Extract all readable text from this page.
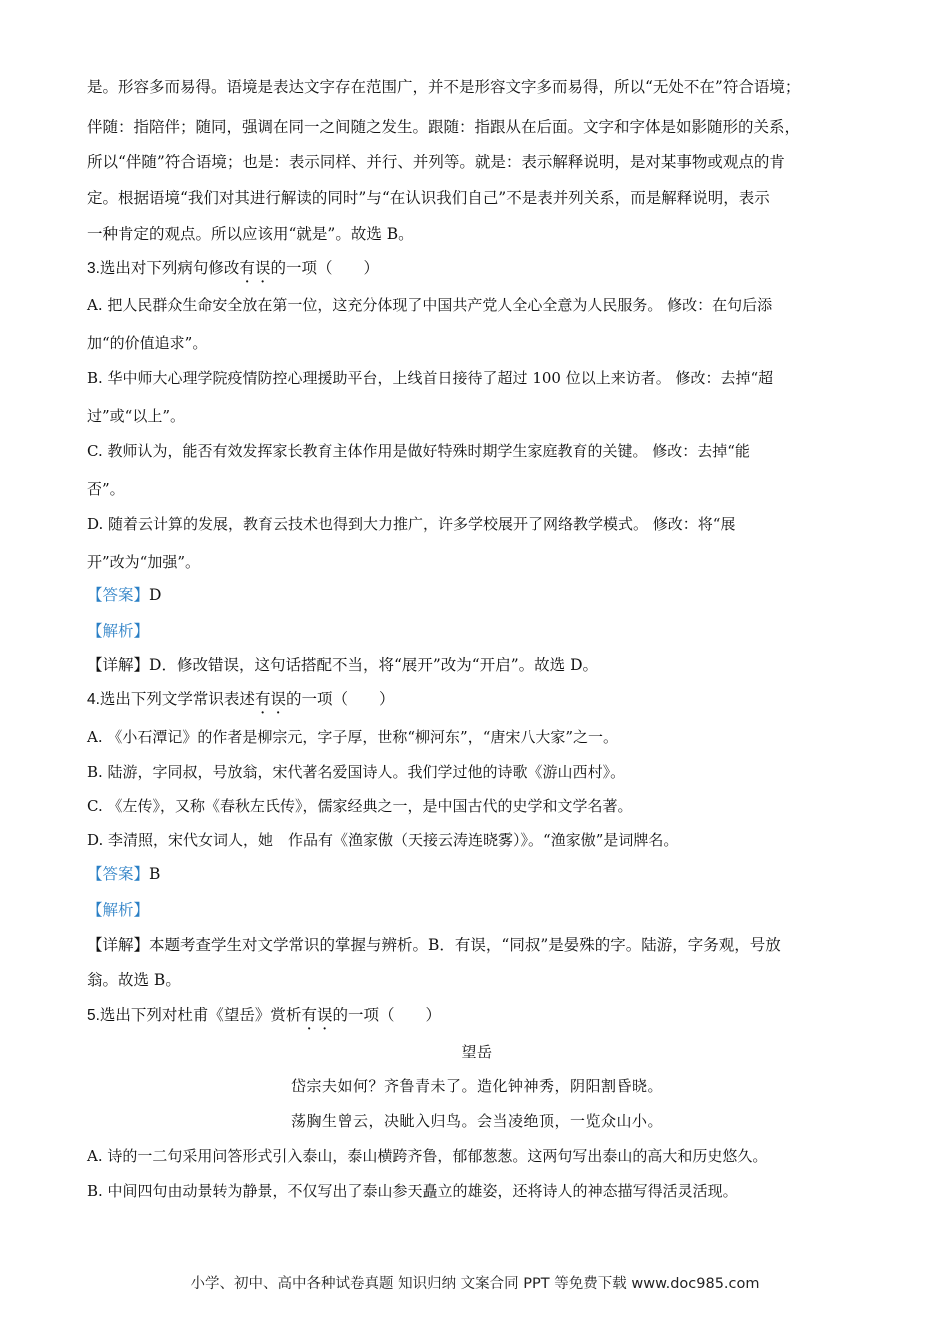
是。形容多而易得。语境是表达文字存在范围广，并不是形容文字多而易得，所以“无处不在”符合语境；
伴随：指陪伴；随同，强调在同一之间随之发生。跟随：指跟从在后面。文字和字体是如影随形的关系，
所以“伴随”符合语境；也是：表示同样、并行、并列等。就是：表示解释说明，是对某事物或观点的肯
定。根据语境“我们对其进行解读的同时”与“在认识我们自己”不是表并列关系，而是解释说明，表示
一种肯定的观点。所以应该用“就是”。故选 B。
3.选出对下列病句修改有误的一项（　　）
A. 把人民群众生命安全放在第一位，这充分体现了中国共产党人全心全意为人民服务。 修改：在句后添
加“的价值追求”。
B. 华中师大心理学院疫情防控心理援助平台，上线首日接待了超过 100 位以上来访者。 修改：去掉“超
过”或“以上”。
C. 教师认为，能否有效发挥家长教育主体作用是做好特殊时期学生家庭教育的关键。 修改：去掉“能
否”。
D. 随着云计算的发展，教育云技术也得到大力推广，许多学校展开了网络教学模式。 修改：将“展
开”改为“加强”。
【答案】D
【解析】
【详解】D．修改错误，这句话搭配不当，将“展开”改为“开启”。故选 D。
4.选出下列文学常识表述有误的一项（　　）
A. 《小石潭记》的作者是柳宗元，字子厚，世称“柳河东”，“唐宋八大家”之一。
B. 陆游，字同叔，号放翁，宋代著名爱国诗人。我们学过他的诗歌《游山西村》。
C. 《左传》，又称《春秋左氏传》，儒家经典之一，是中国古代的史学和文学名著。
D. 李清照，宋代女词人，她　作品有《渔家傲（天接云涛连晓雾）》。“渔家傲”是词牌名。
【答案】B
【解析】
【详解】本题考查学生对文学常识的掌握与辨析。B．有误，“同叔”是晏殊的字。陆游，字务观，号放
翁。故选 B。
5.选出下列对杜甫《望岳》赏析有误的一项（　　）
望岳
岱宗夫如何？齐鲁青未了。造化钟神秀，阴阳割昏晓。
荡胸生曾云，决眦入归鸟。会当凌绝顶，一览众山小。
A. 诗的一二句采用问答形式引入泰山，泰山横跨齐鲁，郁郁葱葱。这两句写出泰山的高大和历史悠久。
B. 中间四句由动景转为静景，不仅写出了泰山参天矗立的雄姿，还将诗人的神态描写得活灵活现。
小学、初中、高中各种试卷真题 知识归纳 文案合同 PPT 等免费下载 www.doc985.com
